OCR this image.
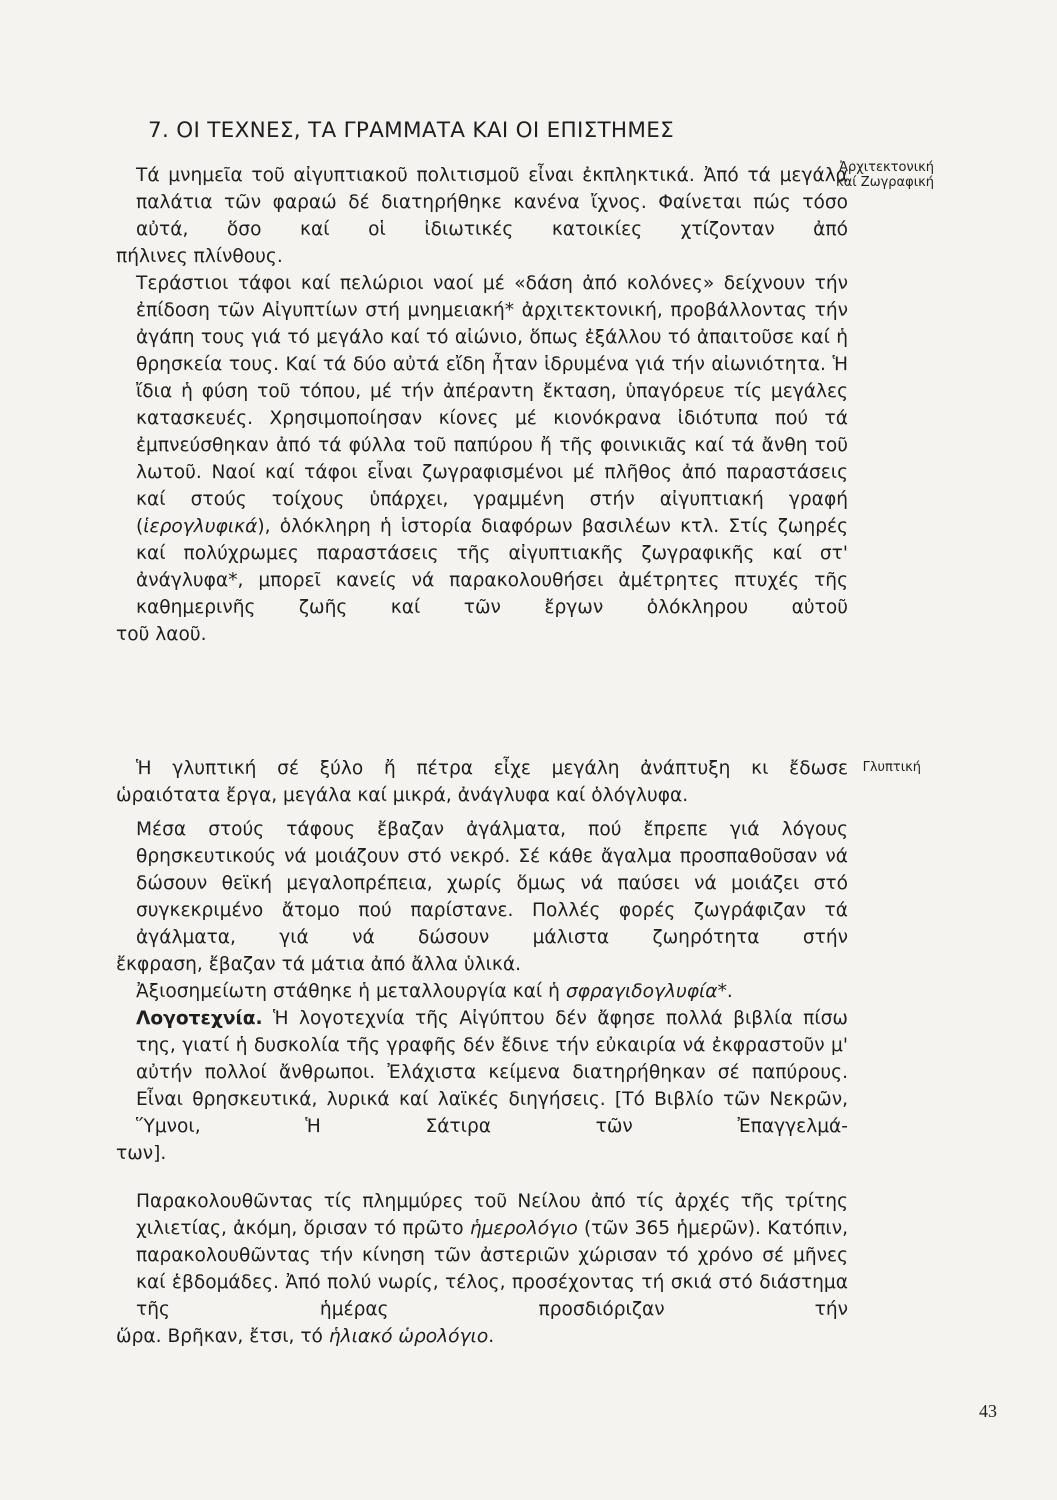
7. ΟΙ ΤΕΧΝΕΣ, ΤΑ ΓΡΑΜΜΑΤΑ ΚΑΙ ΟΙ ΕΠΙΣΤΗΜΕΣ
Ἀρχιτεκτονική καί Ζωγραφική
Γλυπτική
Τά μνημεῖα τοῦ αἰγυπτιακοῦ πολιτισμοῦ εἶναι ἐκπληκτικά. Ἀπό τά μεγάλα παλάτια τῶν φαραώ δέ διατηρήθηκε κανένα ἴχνος. Φαίνεται πώς τόσο αὐτά, ὅσο καί οἱ ἰδιωτικές κατοικίες χτίζονταν ἀπό
πήλινες πλίνθους.
Τεράστιοι τάφοι καί πελώριοι ναοί μέ «δάση ἀπό κολόνες» δείχνουν τήν ἐπίδοση τῶν Αἰγυπτίων στή μνημειακή* ἀρχιτεκτονική, προβάλλοντας τήν ἀγάπη τους γιά τό μεγάλο καί τό αἰώνιο, ὅπως ἐξάλλου τό ἀπαιτοῦσε καί ἡ θρησκεία τους. Καί τά δύο αὐτά εἴδη ἦταν ἱδρυμένα γιά τήν αἰωνιότητα. Ἡ ἴδια ἡ φύση τοῦ τόπου, μέ τήν ἀπέραντη ἔκταση, ὑπαγόρευε τίς μεγάλες κατασκευές. Χρησιμοποίησαν κίονες μέ κιονόκρανα ἰδιότυπα πού τά ἐμπνεύσθηκαν ἀπό τά φύλλα τοῦ παπύρου ἤ τῆς φοινικιᾶς καί τά ἄνθη τοῦ λωτοῦ. Ναοί καί τάφοι εἶναι ζωγραφισμένοι μέ πλῆθος ἀπό παραστάσεις καί στούς τοίχους ὑπάρχει, γραμμένη στήν αἰγυπτιακή γραφή (ἱερογλυφικά), ὁλόκληρη ἡ ἱστορία διαφόρων βασιλέων κτλ. Στίς ζωηρές καί πολύχρωμες παραστάσεις τῆς αἰγυπτιακῆς ζωγραφικῆς καί στ' ἀνάγλυφα*, μπορεῖ κανείς νά παρακολουθήσει ἀμέτρητες πτυχές τῆς καθημερινῆς ζωῆς καί τῶν ἔργων ὁλόκληρου αὐτοῦ
τοῦ λαοῦ.
Ἡ γλυπτική σέ ξύλο ἤ πέτρα εἶχε μεγάλη ἀνάπτυξη κι ἔδωσε
ὡραιότατα ἔργα, μεγάλα καί μικρά, ἀνάγλυφα καί ὁλόγλυφα.
Μέσα στούς τάφους ἔβαζαν ἀγάλματα, πού ἔπρεπε γιά λόγους θρησκευτικούς νά μοιάζουν στό νεκρό. Σέ κάθε ἄγαλμα προσπαθοῦσαν νά δώσουν θεϊκή μεγαλοπρέπεια, χωρίς ὅμως νά παύσει νά μοιάζει στό συγκεκριμένο ἄτομο πού παρίστανε. Πολλές φορές ζωγράφιζαν τά ἀγάλματα, γιά νά δώσουν μάλιστα ζωηρότητα στήν
ἔκφραση, ἔβαζαν τά μάτια ἀπό ἄλλα ὑλικά.
Ἀξιοσημείωτη στάθηκε ἡ μεταλλουργία καί ἡ σφραγιδογλυφία*.
Λογοτεχνία. Ἡ λογοτεχνία τῆς Αἰγύπτου δέν ἄφησε πολλά βιβλία πίσω της, γιατί ἡ δυσκολία τῆς γραφῆς δέν ἔδινε τήν εὐκαιρία νά ἐκφραστοῦν μ' αὐτήν πολλοί ἄνθρωποι. Ἐλάχιστα κείμενα διατηρήθηκαν σέ παπύρους. Εἶναι θρησκευτικά, λυρικά καί λαϊκές διηγήσεις. [Τό Βιβλίο τῶν Νεκρῶν, Ὕμνοι, Ἡ Σάτιρα τῶν Ἐπαγγελμά-
των].
Παρακολουθῶντας τίς πλημμύρες τοῦ Νείλου ἀπό τίς ἀρχές τῆς τρίτης χιλιετίας, ἀκόμη, ὅρισαν τό πρῶτο ἡμερολόγιο (τῶν 365 ἡμερῶν). Κατόπιν, παρακολουθῶντας τήν κίνηση τῶν ἀστεριῶν χώρισαν τό χρόνο σέ μῆνες καί ἑβδομάδες. Ἀπό πολύ νωρίς, τέλος, προσέχοντας τή σκιά στό διάστημα τῆς ἡμέρας προσδιόριζαν τήν
ὥρα. Βρῆκαν, ἔτσι, τό ἡλιακό ὡρολόγιο.
43
